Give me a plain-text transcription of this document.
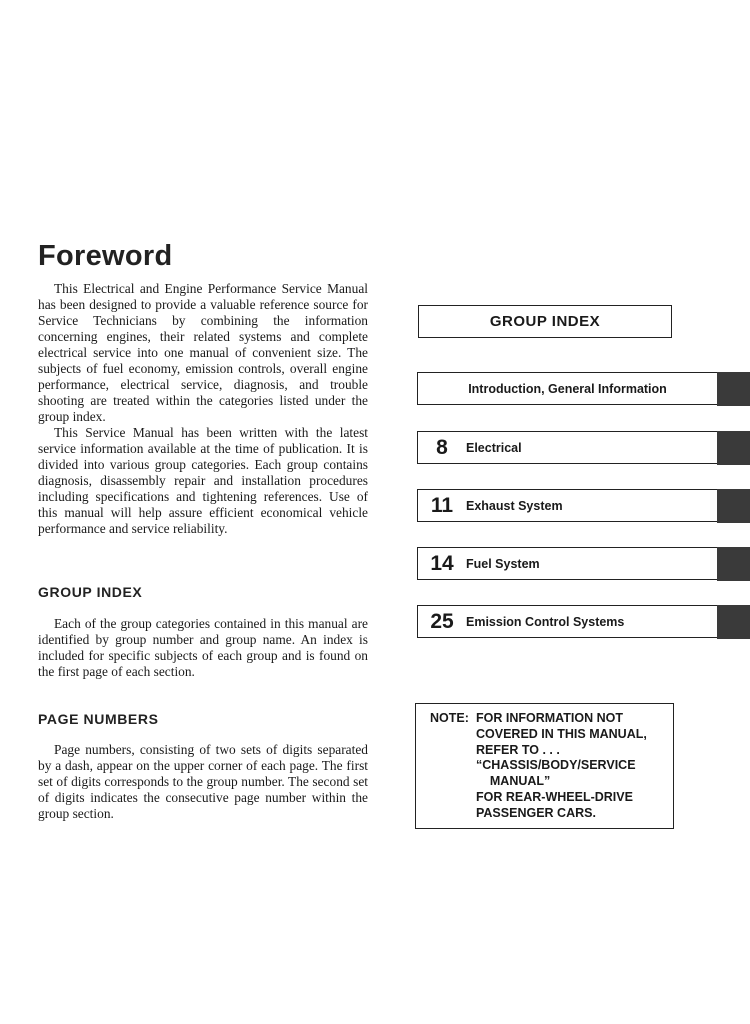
Foreword

This Electrical and Engine Performance Service Manual has been designed to provide a valuable reference source for Service Technicians by combining the information concerning engines, their related systems and complete electrical service into one manual of convenient size. The subjects of fuel economy, emission controls, overall engine performance, electrical service, diagnosis, and trouble shooting are treated within the categories listed under the group index.

This Service Manual has been written with the latest service information available at the time of publication. It is divided into various group categories. Each group contains diagnosis, disassembly repair and installation procedures including specifications and tightening references. Use of this manual will help assure efficient economical vehicle performance and service reliability.

GROUP INDEX

Each of the group categories contained in this manual are identified by group number and group name. An index is included for specific subjects of each group and is found on the first page of each section.

PAGE NUMBERS

Page numbers, consisting of two sets of digits separated by a dash, appear on the upper corner of each page. The first set of digits corresponds to the group number. The second set of digits indicates the consecutive page number within the group section.

GROUP INDEX
Introduction, General Information
8	Electrical
11	Exhaust System
14 Fuel System
25 Emission Control Systems
NOTE: FOR INFORMATION NOT
COVERED IN THIS MANUAL,
REFER TO . . .
“CHASSIS/BODY/SERVICE
MANUAL”
FOR REAR-WHEEL-DRIVE
PASSENGER CARS.
